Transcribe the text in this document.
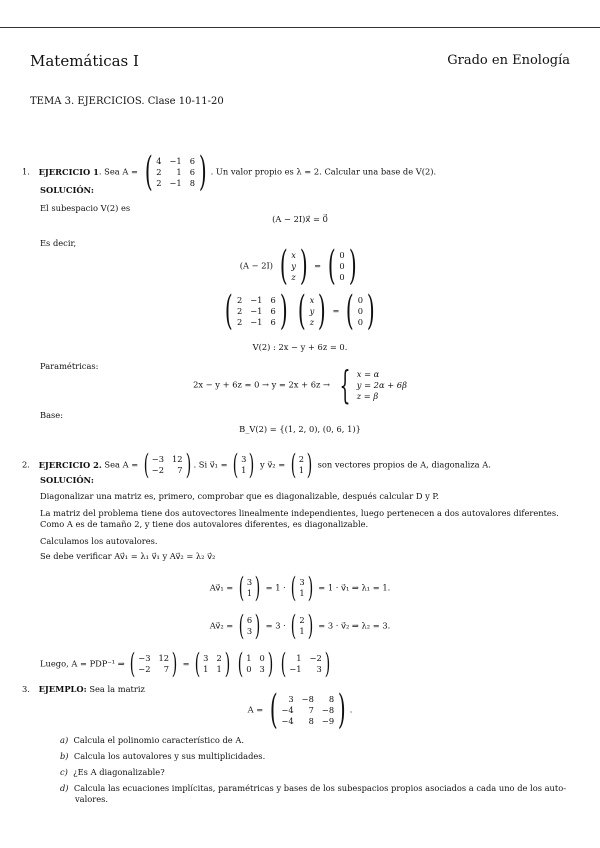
Matemáticas I	Grado en Enología
TEMA 3. EJERCICIOS. Clase 10-11-20
1. EJERCICIO 1. Sea A = ( 4 −1 6
2	1 6
2 −1 8 ) . Un valor propio es λ = 2. Calcular una base de V(2).
SOLUCIÓN:
El subespacio V(2) es
(A − 2I)x⃗ = 0⃗
Es decir,
(A − 2I) ( x
y
z ) = ( 0
0
0 )
( 2 −1 6
2 −1 6
2 −1 6 )
( x
y
z ) = ( 0
0
0 )
V(2) : 2x − y + 6z = 0.
Paramétricas:
2x − y + 6z = 0 → y = 2x + 6z → { x = α
y = 2α + 6β
z = β
Base:
B_V(2) = {(1, 2, 0), (0, 6, 1)}
2. EJERCICIO 2. Sea A = ( −3 12
−2	7 ) . Si v⃗₁ = ( 3
1 ) y v⃗₂ = ( 2
1 ) son vectores propios de A, diagonaliza A.
SOLUCIÓN:
Diagonalizar una matriz es, primero, comprobar que es diagonalizable, después calcular D y P.
La matriz del problema tiene dos autovectores linealmente independientes, luego pertenecen a dos autovalores diferentes.
Como A es de tamaño 2, y tiene dos autovalores diferentes, es diagonalizable.
Calculamos los autovalores.
Se debe verificar Av⃗₁ = λ₁ v⃗₁ y Av⃗₂ = λ₂ v⃗₂
Av⃗₁ = ( 3
1 ) = 1 · ( 3
1 ) = 1 · v⃗₁ ⇒ λ₁ = 1.
Av⃗₂ = ( 6
3 ) = 3 · ( 2
1 ) = 3 · v⃗₂ ⇒ λ₂ = 3.
Luego, A = PDP⁻¹ ⇒ ( −3 12
−2	7 ) = ( 3 2
1 1 )
( 1 0
0 3 )
(	1 −2
−1	3 )
3. EJEMPLO: Sea la matriz
A = (	3 −8	8
−4	7 −8
−4	8 −9 ) .
a) Calcula el polinomio característico de A.
b) Calcula los autovalores y sus multiplicidades.
c) ¿Es A diagonalizable?
d) Calcula las ecuaciones implícitas, paramétricas y bases de los subespacios propios asociados a cada uno de los auto-
valores.
